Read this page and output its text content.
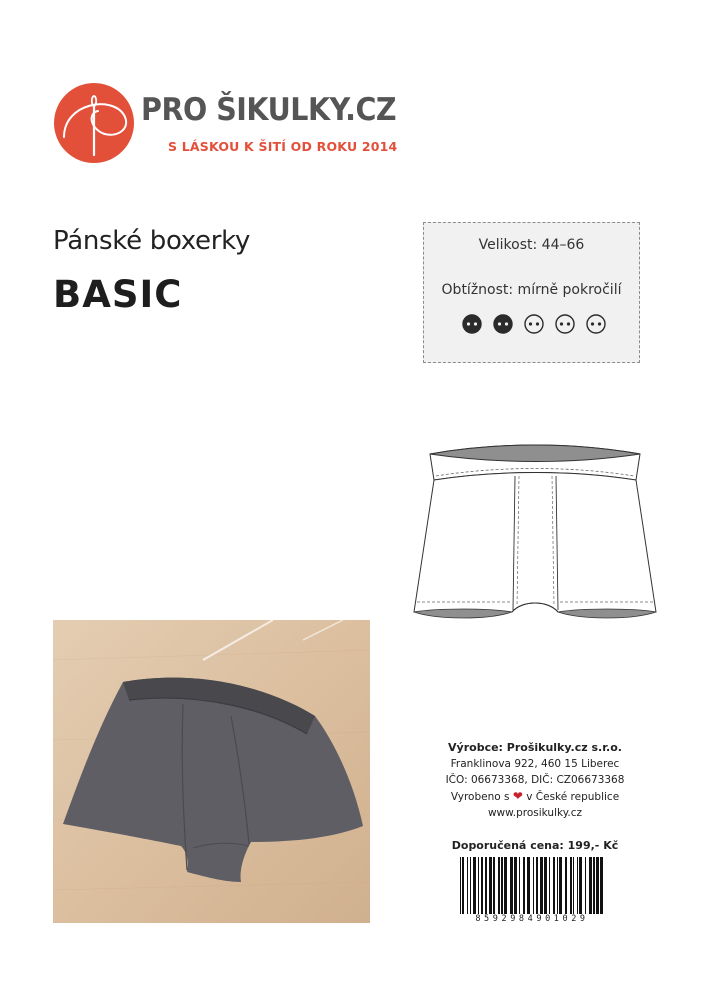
PRO ŠIKULKY.CZ
S LÁSKOU K ŠITÍ OD ROKU 2014
Pánské boxerky
BASIC
Velikost: 44–66
Obtížnost: mírně pokročilí
Výrobce: Prošikulky.cz s.r.o.
Franklinova 922, 460 15 Liberec
IČO: 06673368, DIČ: CZ06673368
Vyrobeno s ❤ v České republice
www.prosikulky.cz
Doporučená cena: 199,- Kč
8592984901029
